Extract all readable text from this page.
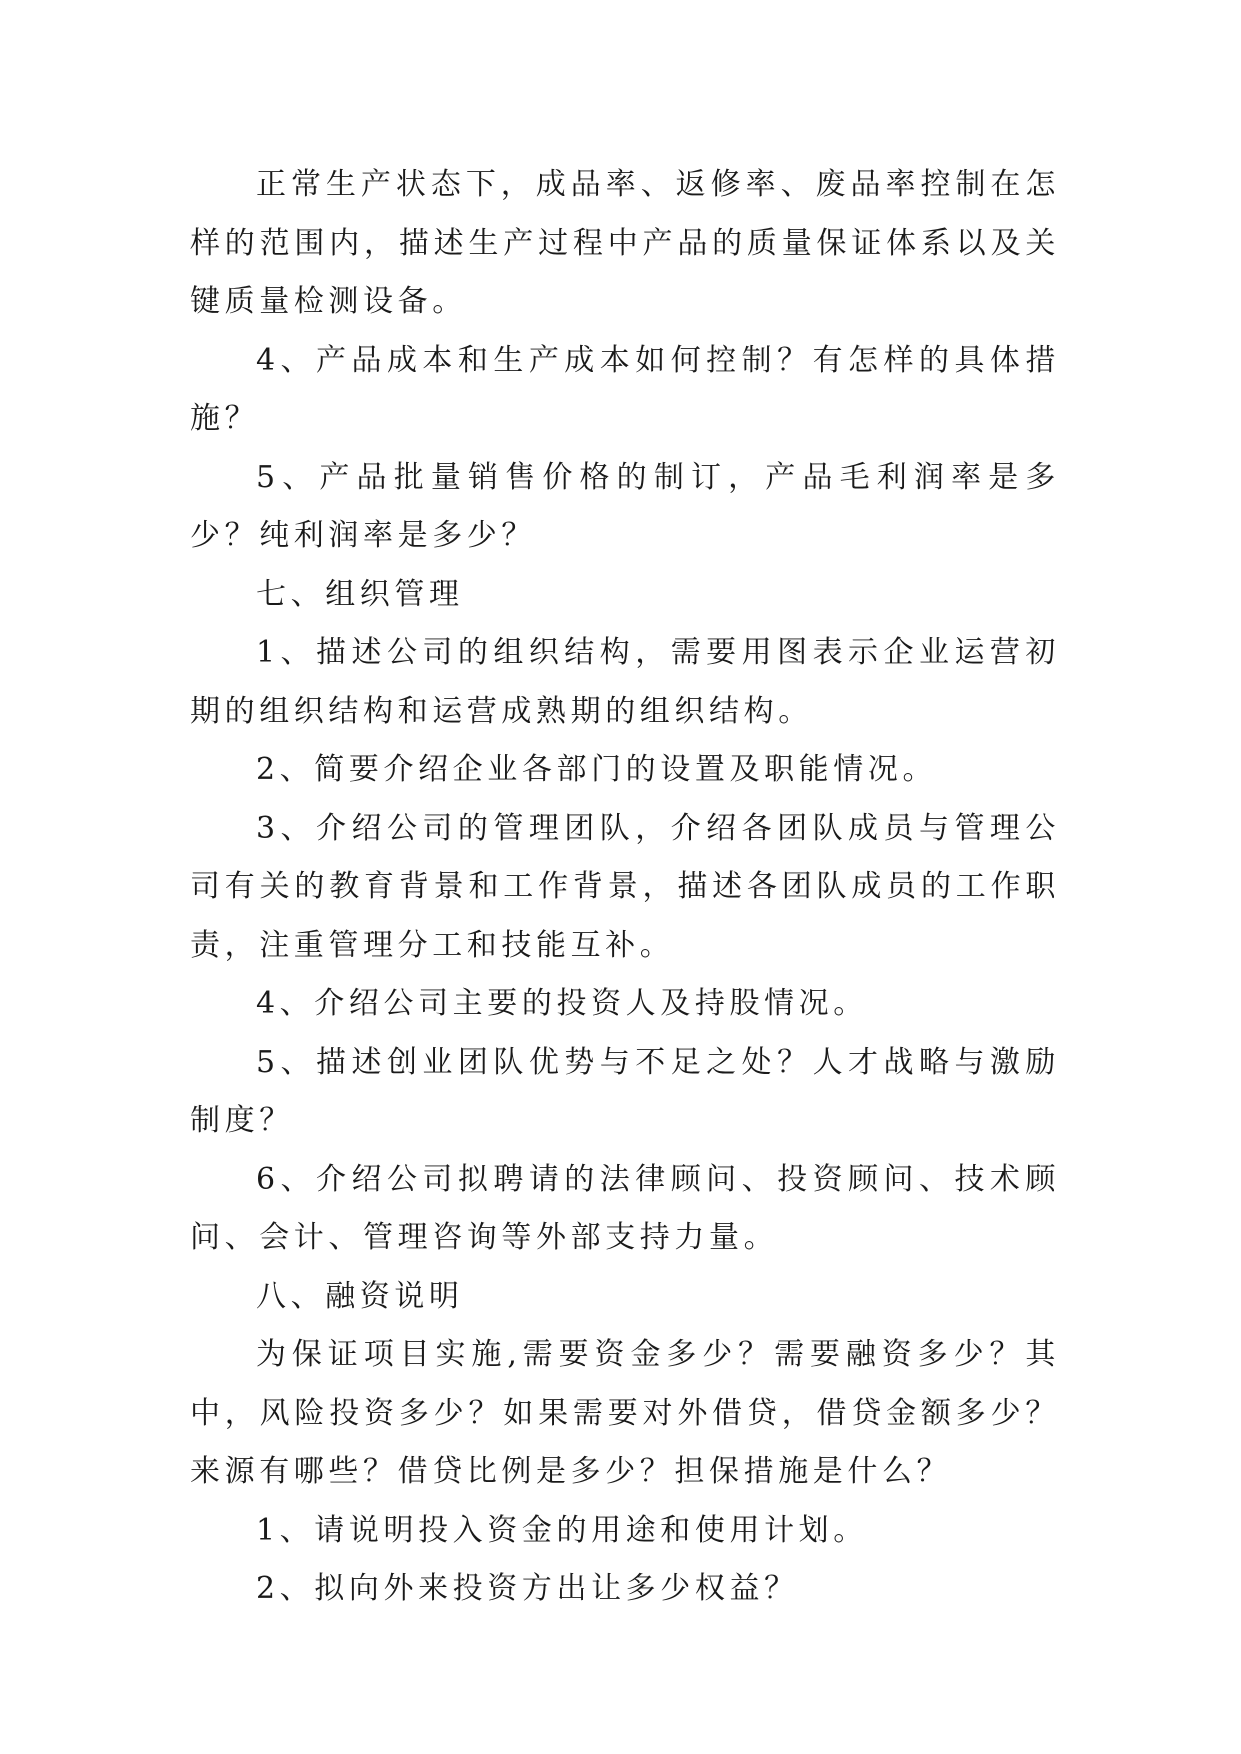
正常生产状态下，成品率、返修率、废品率控制在怎样的范围内，描述生产过程中产品的质量保证体系以及关键质量检测设备。

4、产品成本和生产成本如何控制？有怎样的具体措施？

5、产品批量销售价格的制订，产品毛利润率是多少？纯利润率是多少？

七、组织管理

1、描述公司的组织结构，需要用图表示企业运营初期的组织结构和运营成熟期的组织结构。

2、简要介绍企业各部门的设置及职能情况。

3、介绍公司的管理团队，介绍各团队成员与管理公司有关的教育背景和工作背景，描述各团队成员的工作职责，注重管理分工和技能互补。

4、介绍公司主要的投资人及持股情况。

5、描述创业团队优势与不足之处？人才战略与激励制度？

6、介绍公司拟聘请的法律顾问、投资顾问、技术顾问、会计、管理咨询等外部支持力量。

八、融资说明

为保证项目实施,需要资金多少？需要融资多少？其中，风险投资多少？如果需要对外借贷，借贷金额多少？来源有哪些？借贷比例是多少？担保措施是什么？

1、请说明投入资金的用途和使用计划。

2、拟向外来投资方出让多少权益？
